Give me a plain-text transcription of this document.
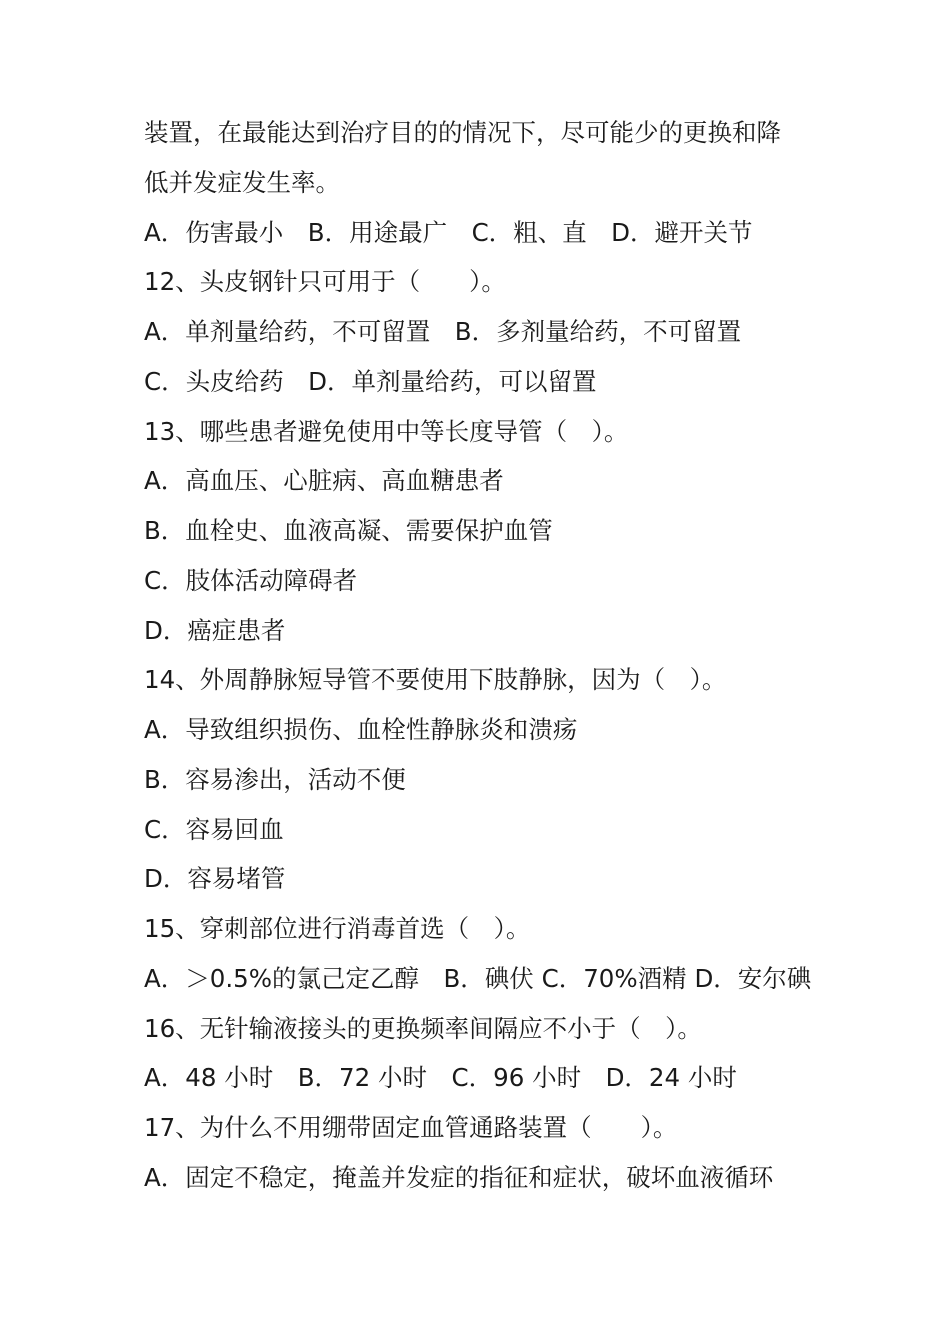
装置，在最能达到治疗目的的情况下，尽可能少的更换和降

低并发症发生率。

A．伤害最小　B．用途最广　C．粗、直　D．避开关节

12、头皮钢针只可用于（　　）。

A．单剂量给药，不可留置　B．多剂量给药，不可留置

C．头皮给药　D．单剂量给药，可以留置

13、哪些患者避免使用中等长度导管（　）。

A．高血压、心脏病、高血糖患者

B．血栓史、血液高凝、需要保护血管

C．肢体活动障碍者

D．癌症患者

14、外周静脉短导管不要使用下肢静脉，因为（　）。

A．导致组织损伤、血栓性静脉炎和溃疡

B．容易渗出，活动不便

C．容易回血

D．容易堵管

15、穿刺部位进行消毒首选（　）。

A．＞0.5%的氯己定乙醇　B．碘伏 C．70%酒精 D．安尔碘

16、无针输液接头的更换频率间隔应不小于（　）。

A．48 小时　B．72 小时　C．96 小时　D．24 小时

17、为什么不用绷带固定血管通路装置（　　）。

A．固定不稳定，掩盖并发症的指征和症状，破坏血液循环
